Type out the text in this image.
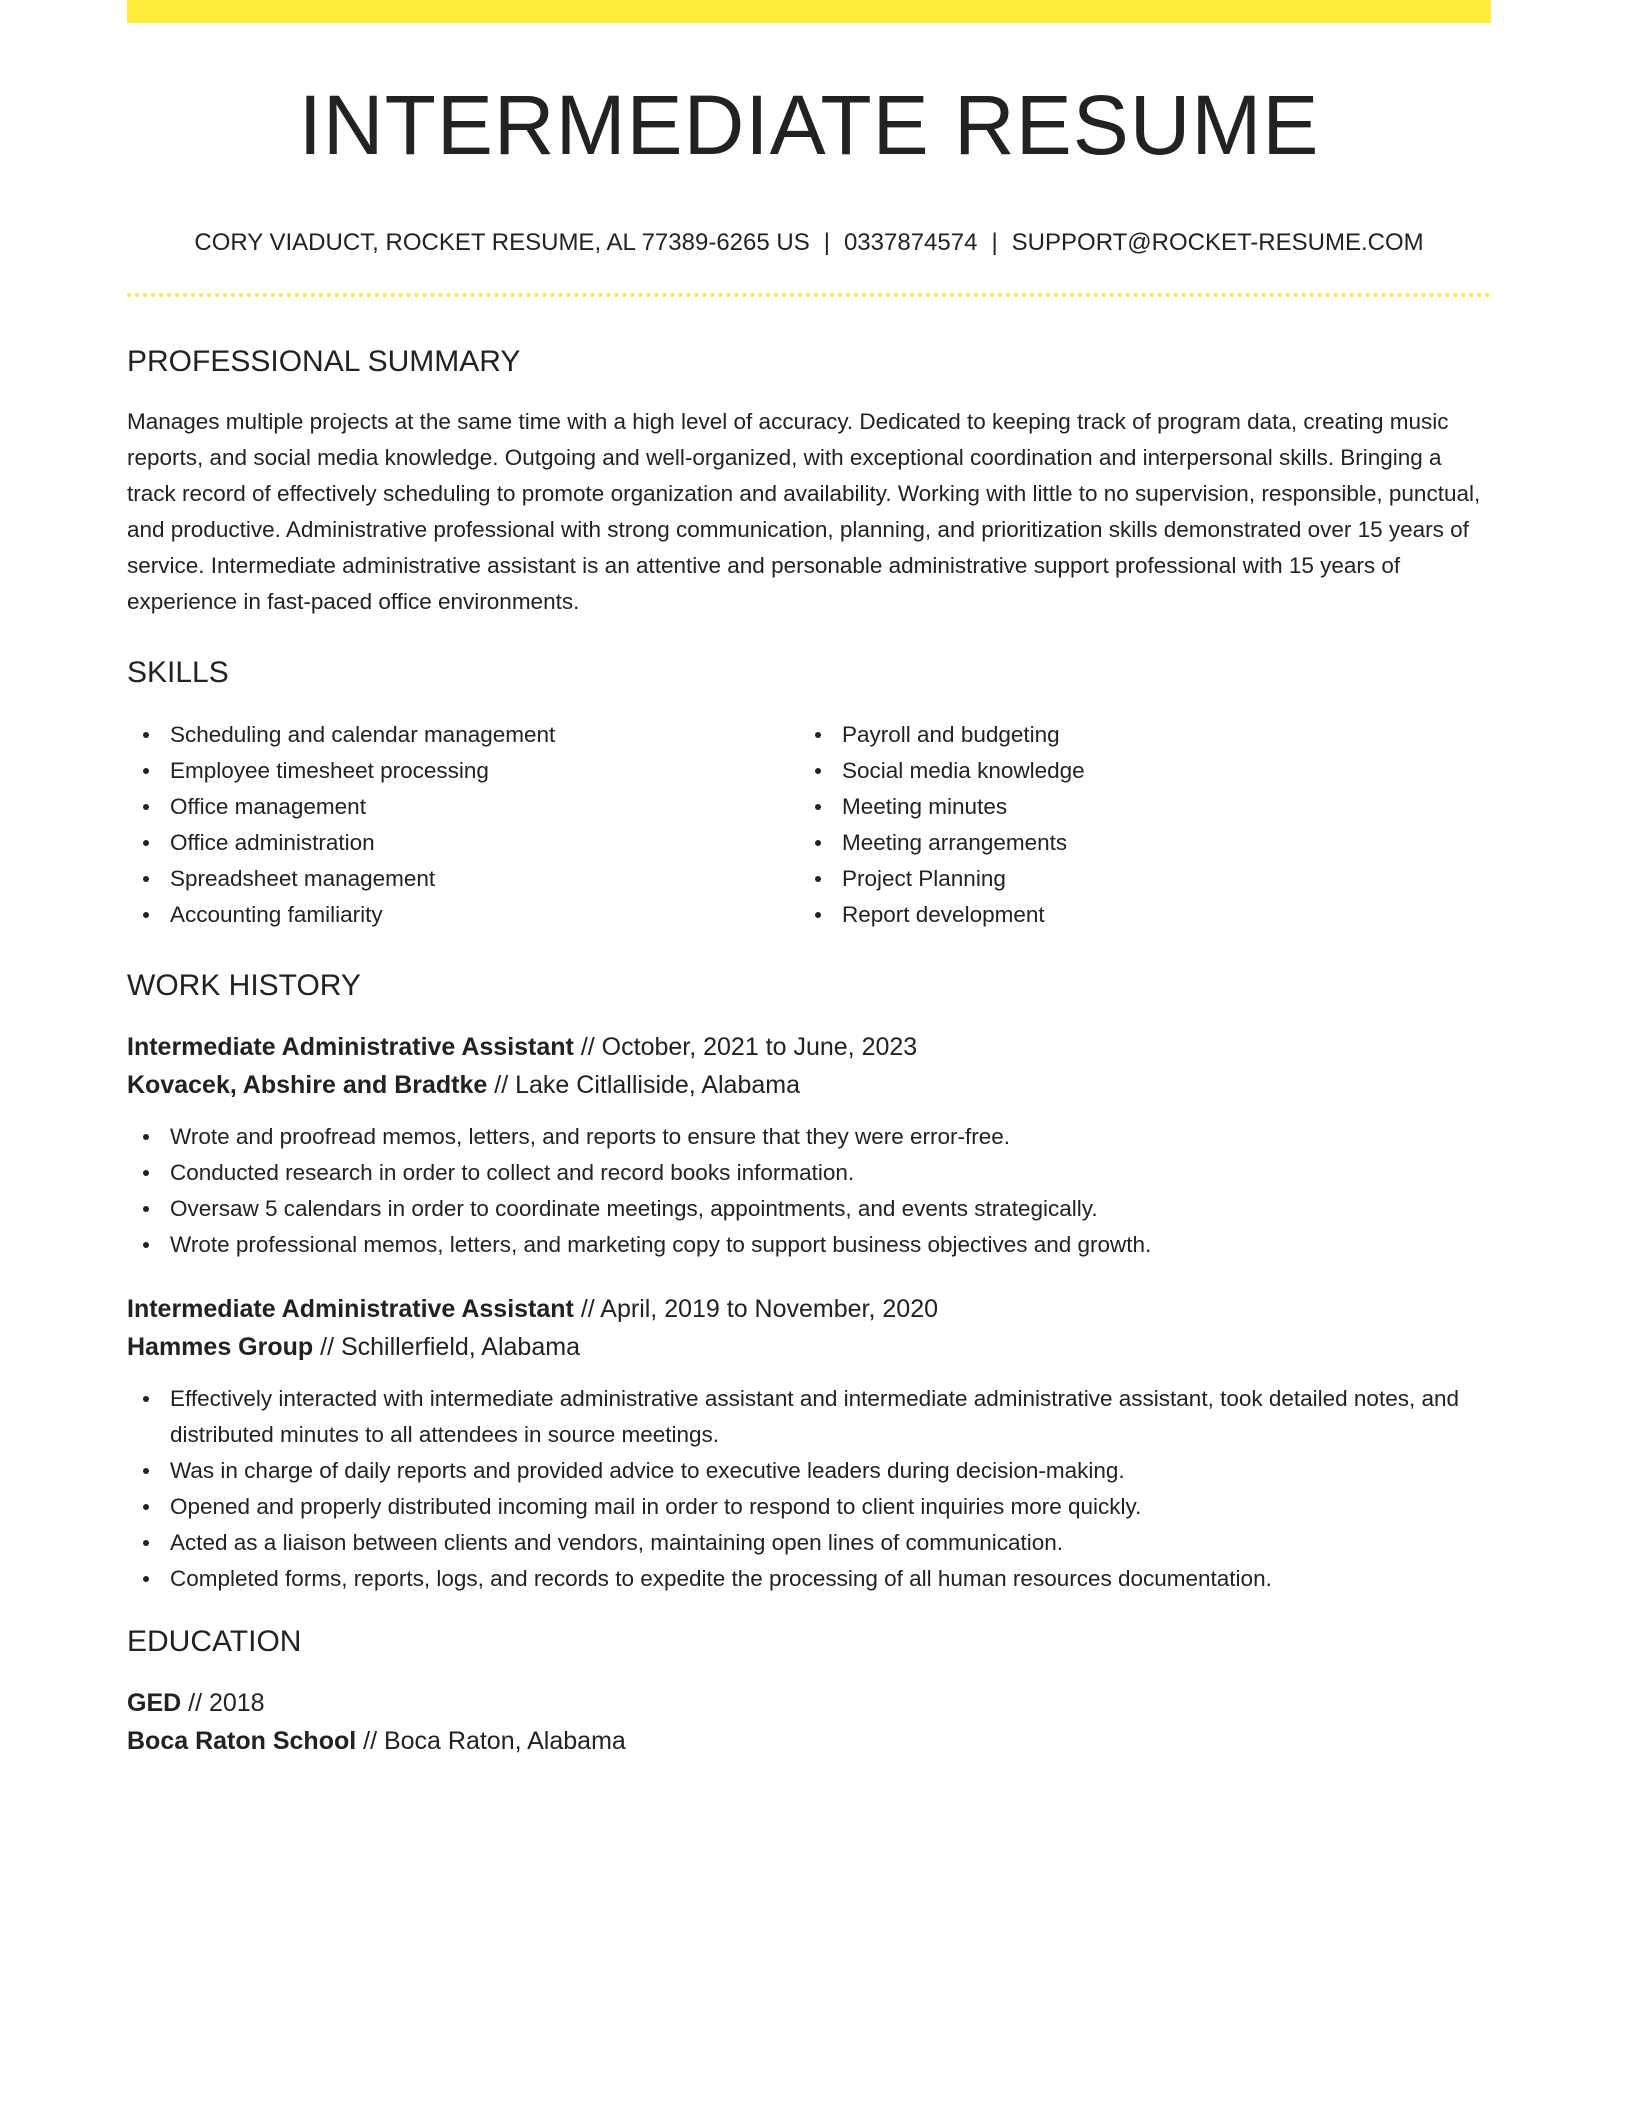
INTERMEDIATE RESUME
CORY VIADUCT, ROCKET RESUME, AL 77389-6265 US | 0337874574 | SUPPORT@ROCKET-RESUME.COM
PROFESSIONAL SUMMARY

Manages multiple projects at the same time with a high level of accuracy. Dedicated to keeping track of program data, creating music reports, and social media knowledge. Outgoing and well-organized, with exceptional coordination and interpersonal skills. Bringing a track record of effectively scheduling to promote organization and availability. Working with little to no supervision, responsible, punctual, and productive. Administrative professional with strong communication, planning, and prioritization skills demonstrated over 15 years of service. Intermediate administrative assistant is an attentive and personable administrative support professional with 15 years of experience in fast-paced office environments.

SKILLS
Scheduling and calendar management
Employee timesheet processing
Office management
Office administration
Spreadsheet management
Accounting familiarity
Payroll and budgeting
Social media knowledge
Meeting minutes
Meeting arrangements
Project Planning
Report development
WORK HISTORY
Intermediate Administrative Assistant // October, 2021 to June, 2023
Kovacek, Abshire and Bradtke // Lake Citlalliside, Alabama
Wrote and proofread memos, letters, and reports to ensure that they were error-free.
Conducted research in order to collect and record books information.
Oversaw 5 calendars in order to coordinate meetings, appointments, and events strategically.
Wrote professional memos, letters, and marketing copy to support business objectives and growth.
Intermediate Administrative Assistant // April, 2019 to November, 2020
Hammes Group // Schillerfield, Alabama
Effectively interacted with intermediate administrative assistant and intermediate administrative assistant, took detailed notes, and distributed minutes to all attendees in source meetings.
Was in charge of daily reports and provided advice to executive leaders during decision-making.
Opened and properly distributed incoming mail in order to respond to client inquiries more quickly.
Acted as a liaison between clients and vendors, maintaining open lines of communication.
Completed forms, reports, logs, and records to expedite the processing of all human resources documentation.
EDUCATION
GED // 2018
Boca Raton School // Boca Raton, Alabama
